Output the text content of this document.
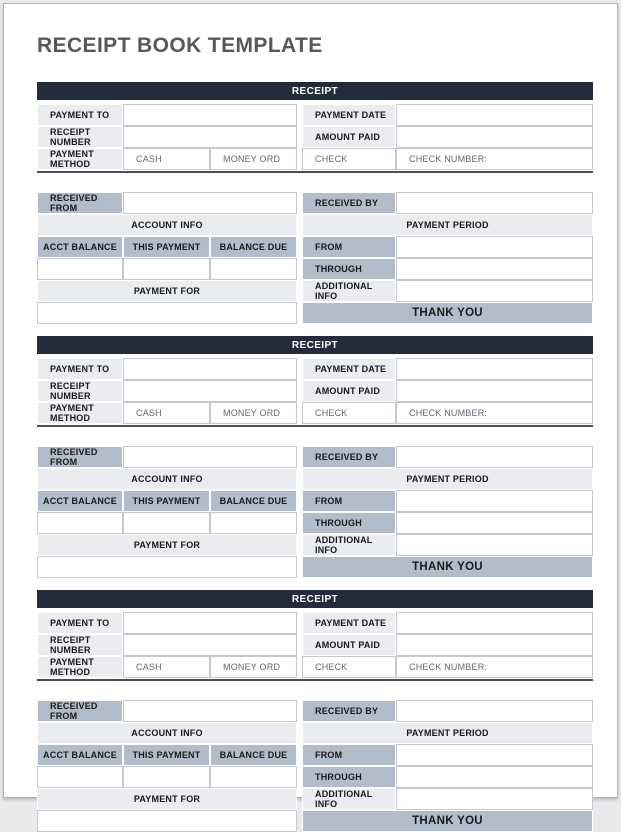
RECEIPT BOOK TEMPLATE
RECEIPT
PAYMENT TO	PAYMENT DATE
RECEIPT NUMBER	AMOUNT PAID
PAYMENT METHOD	CASH	MONEY ORD	CHECK	CHECK NUMBER:
RECEIVED FROM	RECEIVED BY
ACCOUNT INFO	PAYMENT PERIOD
ACCT BALANCE	THIS PAYMENT	BALANCE DUE	FROM
THROUGH
PAYMENT FOR	ADDITIONAL INFO
THANK YOU
RECEIPT
PAYMENT TO	PAYMENT DATE
RECEIPT NUMBER	AMOUNT PAID
PAYMENT METHOD	CASH	MONEY ORD	CHECK	CHECK NUMBER:
RECEIVED FROM	RECEIVED BY
ACCOUNT INFO	PAYMENT PERIOD
ACCT BALANCE	THIS PAYMENT	BALANCE DUE	FROM
THROUGH
PAYMENT FOR	ADDITIONAL INFO
THANK YOU
RECEIPT
PAYMENT TO	PAYMENT DATE
RECEIPT NUMBER	AMOUNT PAID
PAYMENT METHOD	CASH	MONEY ORD	CHECK	CHECK NUMBER:
RECEIVED FROM	RECEIVED BY
ACCOUNT INFO	PAYMENT PERIOD
ACCT BALANCE	THIS PAYMENT	BALANCE DUE	FROM
THROUGH
PAYMENT FOR	ADDITIONAL INFO
THANK YOU
